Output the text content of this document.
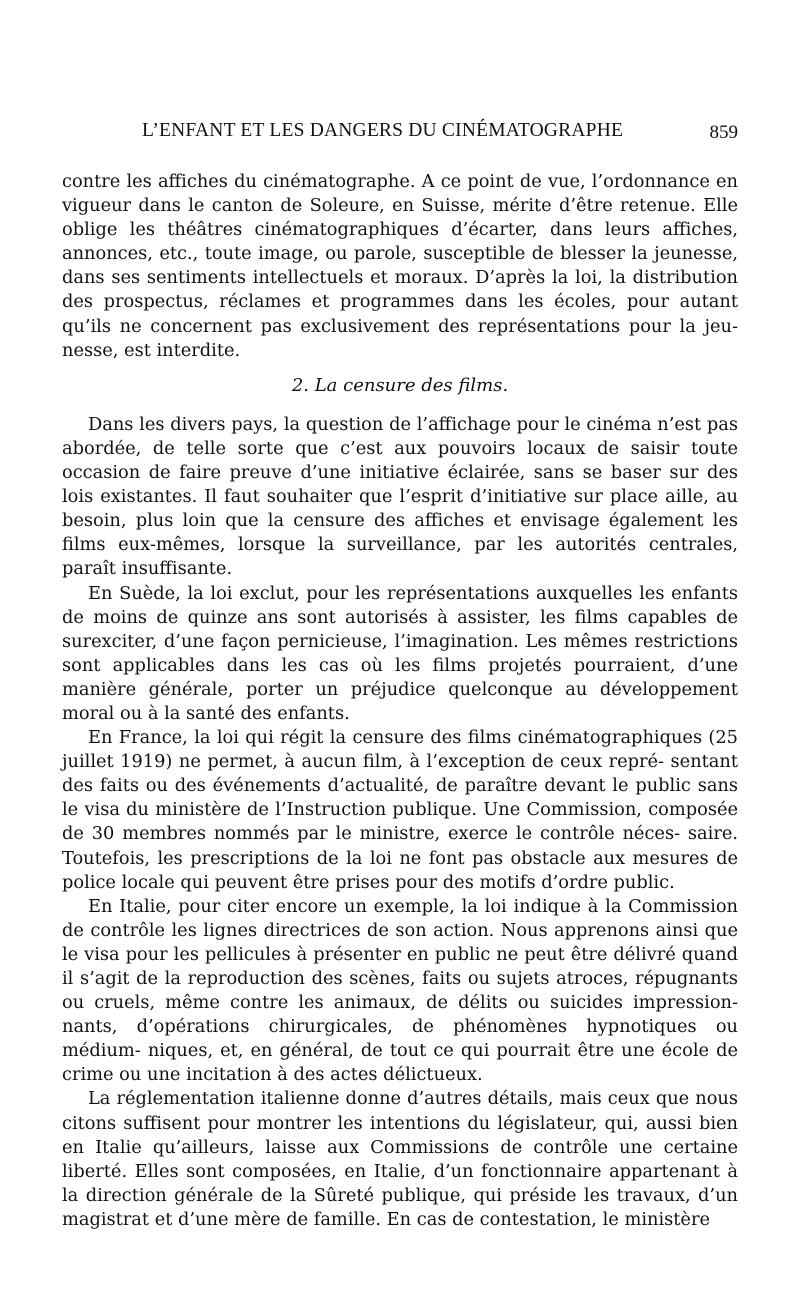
L’ENFANT ET LES DANGERS DU CINÉMATOGRAPHE	859

contre les affiches du cinématographe. A ce point de vue, l’ordonnance en vigueur dans le canton de Soleure, en Suisse, mérite d’être retenue. Elle oblige les théâtres cinématographiques d’écarter, dans leurs affiches, annonces, etc., toute image, ou parole, susceptible de blesser la jeunesse, dans ses sentiments intellectuels et moraux. D’après la loi, la distribution des prospectus, réclames et programmes dans les écoles, pour autant qu’ils ne concernent pas exclusivement des représentations pour la jeu- nesse, est interdite.

2. La censure des films.

Dans les divers pays, la question de l’affichage pour le cinéma n’est pas abordée, de telle sorte que c’est aux pouvoirs locaux de saisir toute occasion de faire preuve d’une initiative éclairée, sans se baser sur des lois existantes. Il faut souhaiter que l’esprit d’initiative sur place aille, au besoin, plus loin que la censure des affiches et envisage également les films eux-mêmes, lorsque la surveillance, par les autorités centrales, paraît insuffisante.

En Suède, la loi exclut, pour les représentations auxquelles les enfants de moins de quinze ans sont autorisés à assister, les films capables de surexciter, d’une façon pernicieuse, l’imagination. Les mêmes restrictions sont applicables dans les cas où les films projetés pourraient, d’une manière générale, porter un préjudice quelconque au développement moral ou à la santé des enfants.

En France, la loi qui régit la censure des films cinématographiques (25 juillet 1919) ne permet, à aucun film, à l’exception de ceux repré- sentant des faits ou des événements d’actualité, de paraître devant le public sans le visa du ministère de l’Instruction publique. Une Commission, composée de 30 membres nommés par le ministre, exerce le contrôle néces- saire. Toutefois, les prescriptions de la loi ne font pas obstacle aux mesures de police locale qui peuvent être prises pour des motifs d’ordre public.

En Italie, pour citer encore un exemple, la loi indique à la Commission de contrôle les lignes directrices de son action. Nous apprenons ainsi que le visa pour les pellicules à présenter en public ne peut être délivré quand il s’agit de la reproduction des scènes, faits ou sujets atroces, répugnants ou cruels, même contre les animaux, de délits ou suicides impression- nants, d’opérations chirurgicales, de phénomènes hypnotiques ou médium- niques, et, en général, de tout ce qui pourrait être une école de crime ou une incitation à des actes délictueux.

La réglementation italienne donne d’autres détails, mais ceux que nous citons suffisent pour montrer les intentions du législateur, qui, aussi bien en Italie qu’ailleurs, laisse aux Commissions de contrôle une certaine liberté. Elles sont composées, en Italie, d’un fonctionnaire appartenant à la direction générale de la Sûreté publique, qui préside les travaux, d’un magistrat et d’une mère de famille. En cas de contestation, le ministère
